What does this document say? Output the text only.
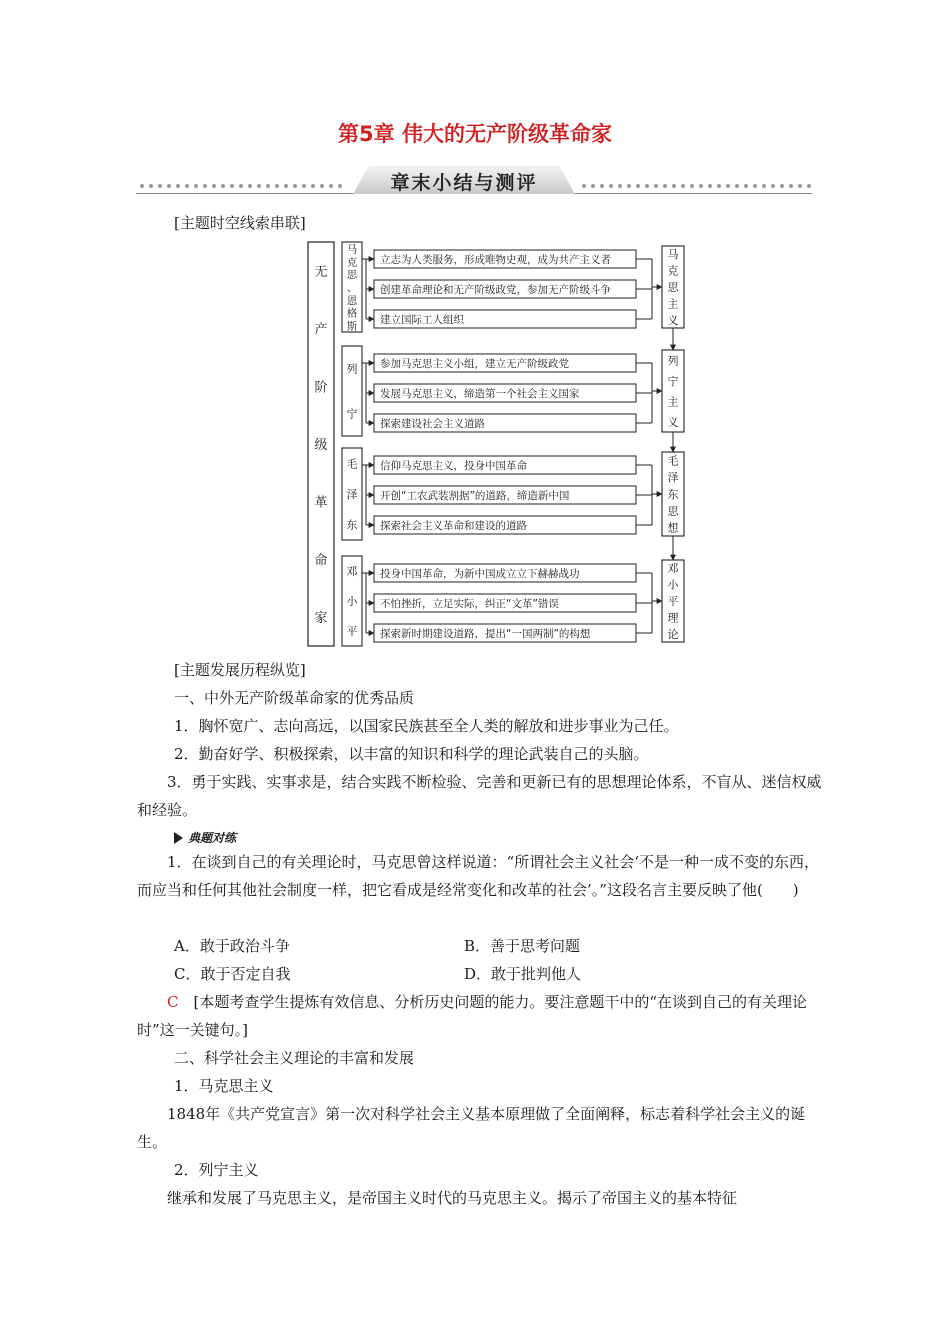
第5章 伟大的无产阶级革命家
章末小结与测评
[主题时空线索串联]
无
产
阶
级
革
命
家
马
克
思
、
恩
格
斯
立志为人类服务，形成唯物史观，成为共产主义者
创建革命理论和无产阶级政党，参加无产阶级斗争
建立国际工人组织
马
克
思
主
义
列
宁
参加马克思主义小组，建立无产阶级政党
发展马克思主义，缔造第一个社会主义国家
探索建设社会主义道路
列
宁
主
义
毛
泽
东
信仰马克思主义，投身中国革命
开创“工农武装割据”的道路，缔造新中国
探索社会主义革命和建设的道路
毛
泽
东
思
想
邓
小
平
投身中国革命，为新中国成立立下赫赫战功
不怕挫折，立足实际，纠正“文革”错误
探索新时期建设道路，提出“一国两制”的构想
邓
小
平
理
论
[主题发展历程纵览]
一、中外无产阶级革命家的优秀品质
1．胸怀宽广、志向高远，以国家民族甚至全人类的解放和进步事业为己任。
2．勤奋好学、积极探索，以丰富的知识和科学的理论武装自己的头脑。
3．勇于实践、实事求是，结合实践不断检验、完善和更新已有的思想理论体系，不盲从、迷信权威和经验。
典题对练
1．在谈到自己的有关理论时，马克思曾这样说道：“所谓社会主义社会‘不是一种一成不变的东西，而应当和任何其他社会制度一样，把它看成是经常变化和改革的社会’。”这段名言主要反映了他(　　)
A．敢于政治斗争	B．善于思考问题
C．敢于否定自我	D．敢于批判他人
C　 [本题考查学生提炼有效信息、分析历史问题的能力。要注意题干中的“在谈到自己的有关理论时”这一关键句。]
二、科学社会主义理论的丰富和发展
1．马克思主义
1848年《共产党宣言》第一次对科学社会主义基本原理做了全面阐释，标志着科学社会主义的诞生。
2．列宁主义
继承和发展了马克思主义，是帝国主义时代的马克思主义。揭示了帝国主义的基本特征
